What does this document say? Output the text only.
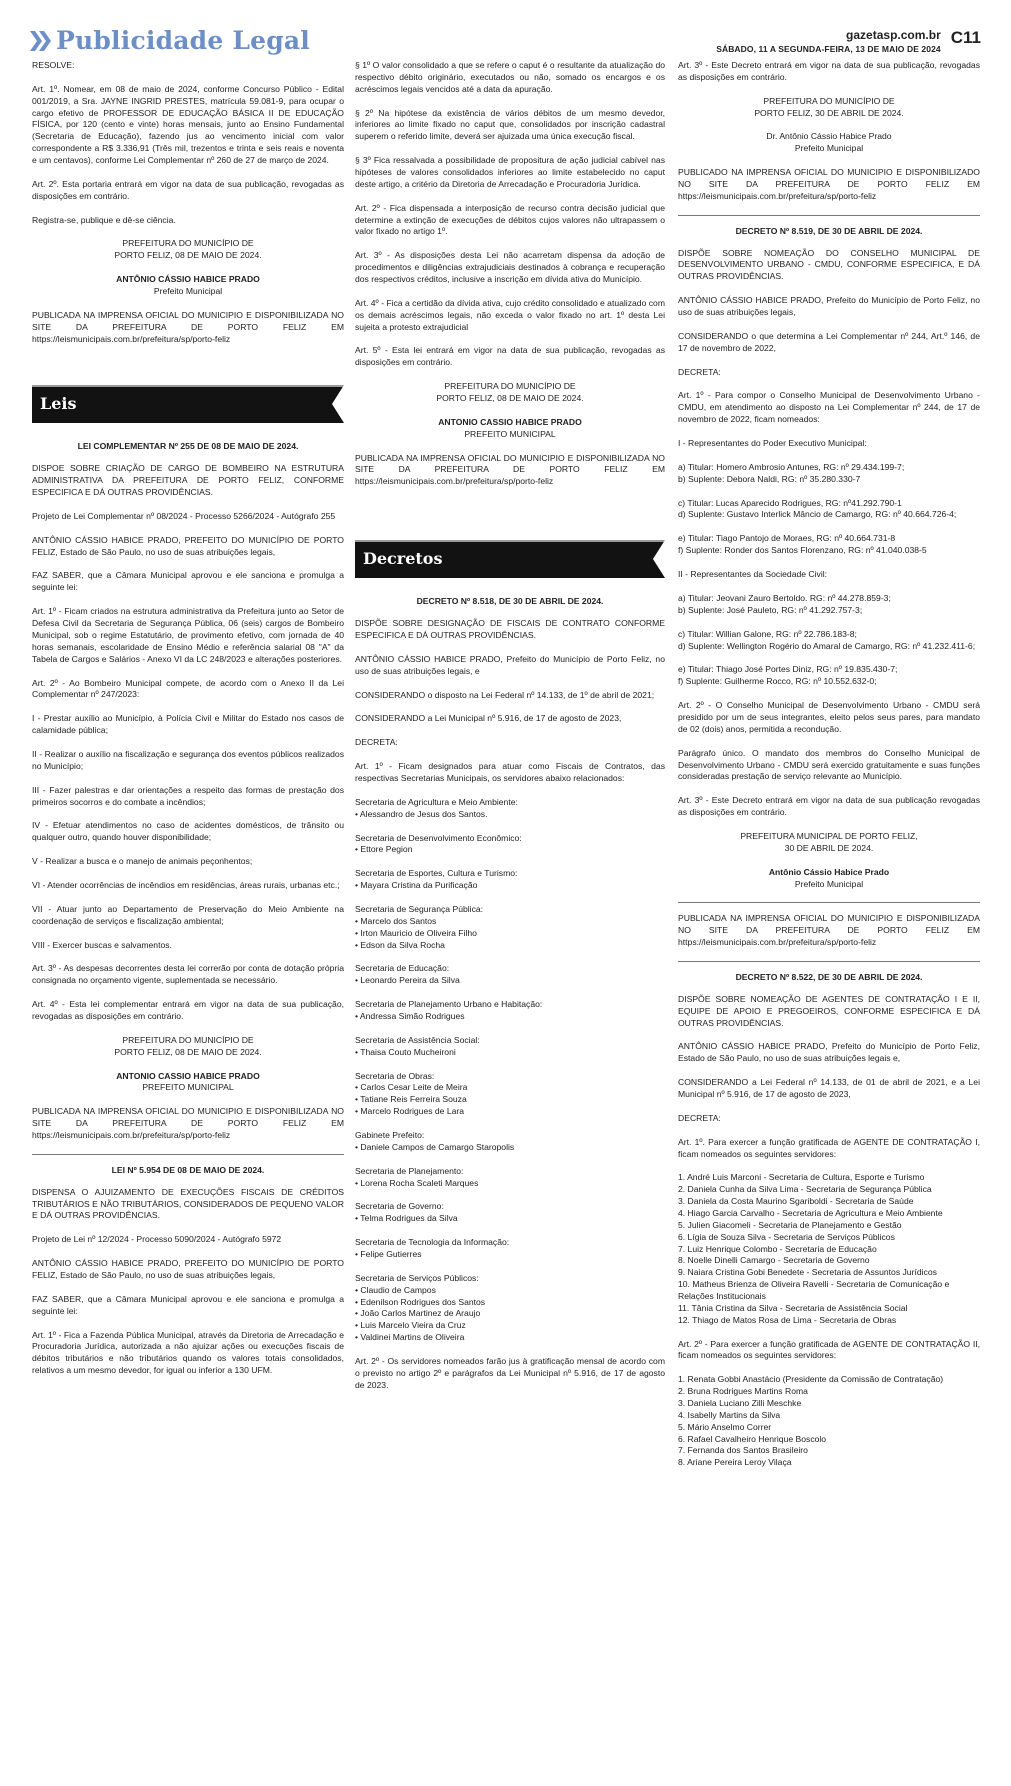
Publicidade Legal	gazetasp.com.br
SÁBADO, 11 A SEGUNDA-FEIRA, 13 DE MAIO DE 2024
C11
RESOLVE:
Art. 1º. Nomear, em 08 de maio de 2024, conforme Concurso Público - Edital 001/2019, a Sra. JAYNE INGRID PRESTES, matrícula 59.081-9, para ocupar o cargo efetivo de PROFESSOR DE EDUCAÇÃO BÁSICA II DE EDUCAÇÃO FÍSICA, por 120 (cento e vinte) horas mensais, junto ao Ensino Fundamental (Secretaria de Educação), fazendo jus ao vencimento inicial com valor correspondente a R$ 3.336,91 (Três mil, trezentos e trinta e seis reais e noventa e um centavos), conforme Lei Complementar nº 260 de 27 de março de 2024.
Art. 2º. Esta portaria entrará em vigor na data de sua publicação, revogadas as disposições em contrário.
Registra-se, publique e dê-se ciência.
PREFEITURA DO MUNICÍPIO DE
PORTO FELIZ, 08 DE MAIO DE 2024.
ANTÔNIO CÁSSIO HABICE PRADO
Prefeito Municipal
PUBLICADA NA IMPRENSA OFICIAL DO MUNICIPIO E DISPONIBILIZADA NO SITE DA PREFEITURA DE PORTO FELIZ EM https://leismunicipais.com.br/prefeitura/sp/porto-feliz
Leis
LEI COMPLEMENTAR Nº 255 DE 08 DE MAIO DE 2024.
DISPOE SOBRE CRIAÇÃO DE CARGO DE BOMBEIRO NA ESTRUTURA ADMINISTRATIVA DA PREFEITURA DE PORTO FELIZ, CONFORME ESPECIFICA E DÁ OUTRAS PROVIDÊNCIAS.
Projeto de Lei Complementar nº 08/2024 - Processo 5266/2024 - Autógrafo 255
ANTÔNIO CÁSSIO HABICE PRADO, PREFEITO DO MUNICÍPIO DE PORTO FELIZ, Estado de São Paulo, no uso de suas atribuições legais,
FAZ SABER, que a Câmara Municipal aprovou e ele sanciona e promulga a seguinte lei:
Art. 1º - Ficam criados na estrutura administrativa da Prefeitura junto ao Setor de Defesa Civil da Secretaria de Segurança Pública, 06 (seis) cargos de Bombeiro Municipal, sob o regime Estatutário, de provimento efetivo, com jornada de 40 horas semanais, escolaridade de Ensino Médio e referência salarial 08 "A" da Tabela de Cargos e Salários - Anexo VI da LC 248/2023 e alterações posteriores.
Art. 2º - Ao Bombeiro Municipal compete, de acordo com o Anexo II da Lei Complementar nº 247/2023:
I - Prestar auxílio ao Município, à Polícia Civil e Militar do Estado nos casos de calamidade pública;
II - Realizar o auxílio na fiscalização e segurança dos eventos públicos realizados no Município;
III - Fazer palestras e dar orientações a respeito das formas de prestação dos primeiros socorros e do combate a incêndios;
IV - Efetuar atendimentos no caso de acidentes domésticos, de trânsito ou qualquer outro, quando houver disponibilidade;
V - Realizar a busca e o manejo de animais peçonhentos;
VI - Atender ocorrências de incêndios em residências, áreas rurais, urbanas etc.;
VII - Atuar junto ao Departamento de Preservação do Meio Ambiente na coordenação de serviços e fiscalização ambiental;
VIII - Exercer buscas e salvamentos.
Art. 3º - As despesas decorrentes desta lei correrão por conta de dotação própria consignada no orçamento vigente, suplementada se necessário.
Art. 4º - Esta lei complementar entrará em vigor na data de sua publicação, revogadas as disposições em contrário.
PREFEITURA DO MUNICÍPIO DE
PORTO FELIZ, 08 DE MAIO DE 2024.
ANTONIO CASSIO HABICE PRADO
PREFEITO MUNICIPAL
PUBLICADA NA IMPRENSA OFICIAL DO MUNICIPIO E DISPONIBILIZADA NO SITE DA PREFEITURA DE PORTO FELIZ EM https://leismunicipais.com.br/prefeitura/sp/porto-feliz
LEI Nº 5.954 DE 08 DE MAIO DE 2024.
DISPENSA O AJUIZAMENTO DE EXECUÇÕES FISCAIS DE CRÉDITOS TRIBUTÁRIOS E NÃO TRIBUTÁRIOS, CONSIDERADOS DE PEQUENO VALOR E DÁ OUTRAS PROVIDÊNCIAS.
Projeto de Lei nº 12/2024 - Processo 5090/2024 - Autógrafo 5972
ANTÔNIO CÁSSIO HABICE PRADO, PREFEITO DO MUNICÍPIO DE PORTO FELIZ, Estado de São Paulo, no uso de suas atribuições legais,
FAZ SABER, que a Câmara Municipal aprovou e ele sanciona e promulga a seguinte lei:
Art. 1º - Fica a Fazenda Pública Municipal, através da Diretoria de Arrecadação e Procuradoria Jurídica, autorizada a não ajuizar ações ou execuções fiscais de débitos tributários e não tributários quando os valores totais consolidados, relativos a um mesmo devedor, for igual ou inferior a 130 UFM.
§ 1º O valor consolidado a que se refere o caput é o resultante da atualização do respectivo débito originário, executados ou não, somado os encargos e os acréscimos legais vencidos até a data da apuração.
§ 2º Na hipótese da existência de vários débitos de um mesmo devedor, inferiores ao limite fixado no caput que, consolidados por inscrição cadastral superem o referido limite, deverá ser ajuizada uma única execução fiscal.
§ 3º Fica ressalvada a possibilidade de propositura de ação judicial cabível nas hipóteses de valores consolidados inferiores ao limite estabelecido no caput deste artigo, a critério da Diretoria de Arrecadação e Procuradoria Jurídica.
Art. 2º - Fica dispensada a interposição de recurso contra decisão judicial que determine a extinção de execuções de débitos cujos valores não ultrapassem o valor fixado no artigo 1º.
Art. 3º - As disposições desta Lei não acarretam dispensa da adoção de procedimentos e diligências extrajudiciais destinados à cobrança e recuperação dos respectivos créditos, inclusive a inscrição em dívida ativa do Município.
Art. 4º - Fica a certidão da dívida ativa, cujo crédito consolidado e atualizado com os demais acréscimos legais, não exceda o valor fixado no art. 1º desta Lei sujeita a protesto extrajudicial
Art. 5º - Esta lei entrará em vigor na data de sua publicação, revogadas as disposições em contrário.
PREFEITURA DO MUNICÍPIO DE
PORTO FELIZ, 08 DE MAIO DE 2024.
ANTONIO CASSIO HABICE PRADO
PREFEITO MUNICIPAL
PUBLICADA NA IMPRENSA OFICIAL DO MUNICIPIO E DISPONIBILIZADA NO SITE DA PREFEITURA DE PORTO FELIZ EM https://leismunicipais.com.br/prefeitura/sp/porto-feliz
Decretos
DECRETO Nº 8.518, DE 30 DE ABRIL DE 2024.
DISPÕE SOBRE DESIGNAÇÃO DE FISCAIS DE CONTRATO CONFORME ESPECIFICA E DÁ OUTRAS PROVIDÊNCIAS.
ANTÔNIO CÁSSIO HABICE PRADO, Prefeito do Município de Porto Feliz, no uso de suas atribuições legais, e
CONSIDERANDO o disposto na Lei Federal nº 14.133, de 1º de abril de 2021;
CONSIDERANDO a Lei Municipal nº 5.916, de 17 de agosto de 2023,
DECRETA:
Art. 1º - Ficam designados para atuar como Fiscais de Contratos, das respectivas Secretarias Municipais, os servidores abaixo relacionados:
Secretaria de Agricultura e Meio Ambiente:
• Alessandro de Jesus dos Santos.
Secretaria de Desenvolvimento Econômico:
• Ettore Pegion
Secretaria de Esportes, Cultura e Turismo:
• Mayara Cristina da Purificação
Secretaria de Segurança Pública:
• Marcelo dos Santos
• Irton Mauricio de Oliveira Filho
• Edson da Silva Rocha
Secretaria de Educação:
• Leonardo Pereira da Silva
Secretaria de Planejamento Urbano e Habitação:
• Andressa Simão Rodrigues
Secretaria de Assistência Social:
• Thaisa Couto Mucheironi
Secretaria de Obras:
• Carlos Cesar Leite de Meira
• Tatiane Reis Ferreira Souza
• Marcelo Rodrigues de Lara
Gabinete Prefeito:
• Daniele Campos de Camargo Staropolis
Secretaria de Planejamento:
• Lorena Rocha Scaleti Marques
Secretaria de Governo:
• Telma Rodrigues da Silva
Secretaria de Tecnologia da Informação:
• Felipe Gutierres
Secretaria de Serviços Públicos:
• Claudio de Campos
• Edenilson Rodrigues dos Santos
• João Carlos Martinez de Araujo
• Luis Marcelo Vieira da Cruz
• Valdinei Martins de Oliveira
Art. 2º - Os servidores nomeados farão jus à gratificação mensal de acordo com o previsto no artigo 2º e parágrafos da Lei Municipal nº 5.916, de 17 de agosto de 2023.
Art. 3º - Este Decreto entrará em vigor na data de sua publicação, revogadas as disposições em contrário.
PREFEITURA DO MUNICÍPIO DE
PORTO FELIZ, 30 DE ABRIL DE 2024.
Dr. Antônio Cássio Habice Prado
Prefeito Municipal
PUBLICADO NA IMPRENSA OFICIAL DO MUNICIPIO E DISPONIBILIZADO NO SITE DA PREFEITURA DE PORTO FELIZ EM https://leismunicipais.com.br/prefeitura/sp/porto-feliz
DECRETO Nº 8.519, DE 30 DE ABRIL DE 2024.
DISPÕE SOBRE NOMEAÇÃO DO CONSELHO MUNICIPAL DE DESENVOLVIMENTO URBANO - CMDU, CONFORME ESPECIFICA, E DÁ OUTRAS PROVIDÊNCIAS.
ANTÔNIO CÁSSIO HABICE PRADO, Prefeito do Município de Porto Feliz, no uso de suas atribuições legais,
CONSIDERANDO o que determina a Lei Complementar nº 244, Art.º 146, de 17 de novembro de 2022,
DECRETA:
Art. 1º - Para compor o Conselho Municipal de Desenvolvimento Urbano - CMDU, em atendimento ao disposto na Lei Complementar nº 244, de 17 de novembro de 2022, ficam nomeados:
I - Representantes do Poder Executivo Municipal:
a) Titular: Homero Ambrosio Antunes, RG: nº 29.434.199-7;
b) Suplente: Debora Naldi, RG: nº 35.280.330-7
c) Titular: Lucas Aparecido Rodrigues, RG: nº41.292.790-1
d) Suplente: Gustavo Interlick Mâncio de Camargo, RG: nº 40.664.726-4;
e) Titular: Tiago Pantojo de Moraes, RG: nº 40.664.731-8
f) Suplente: Ronder dos Santos Florenzano, RG: nº 41.040.038-5
II - Representantes da Sociedade Civil:
a) Titular: Jeovani Zauro Bertoldo. RG: nº 44.278.859-3;
b) Suplente: José Pauleto, RG: nº 41.292.757-3;
c) Titular: Willian Galone, RG: nº 22.786.183-8;
d) Suplente: Wellington Rogério do Amaral de Camargo, RG: nº 41.232.411-6;
e) Titular: Thiago José Portes Diniz, RG: nº 19.835.430-7;
f) Suplente: Guilherme Rocco, RG: nº 10.552.632-0;
Art. 2º - O Conselho Municipal de Desenvolvimento Urbano - CMDU será presidido por um de seus integrantes, eleito pelos seus pares, para mandato de 02 (dois) anos, permitida a recondução.
Parágrafo único. O mandato dos membros do Conselho Municipal de Desenvolvimento Urbano - CMDU será exercido gratuitamente e suas funções consideradas prestação de serviço relevante ao Município.
Art. 3º - Este Decreto entrará em vigor na data de sua publicação revogadas as disposições em contrário.
PREFEITURA MUNICIPAL DE PORTO FELIZ,
30 DE ABRIL DE 2024.
Antônio Cássio Habice Prado
Prefeito Municipal
PUBLICADA NA IMPRENSA OFICIAL DO MUNICIPIO E DISPONIBILIZADA NO SITE DA PREFEITURA DE PORTO FELIZ EM https://leismunicipais.com.br/prefeitura/sp/porto-feliz
DECRETO Nº 8.522, DE 30 DE ABRIL DE 2024.
DISPÕE SOBRE NOMEAÇÃO DE AGENTES DE CONTRATAÇÃO I E II, EQUIPE DE APOIO E PREGOEIROS, CONFORME ESPECIFICA E DÁ OUTRAS PROVIDÊNCIAS.
ANTÔNIO CÁSSIO HABICE PRADO, Prefeito do Município de Porto Feliz, Estado de São Paulo, no uso de suas atribuições legais e,
CONSIDERANDO a Lei Federal nº 14.133, de 01 de abril de 2021, e a Lei Municipal nº 5.916, de 17 de agosto de 2023,
DECRETA:
Art. 1º. Para exercer a função gratificada de AGENTE DE CONTRATAÇÃO I, ficam nomeados os seguintes servidores:
1. André Luis Marconi - Secretaria de Cultura, Esporte e Turismo
2. Daniela Cunha da Silva Lima - Secretaria de Segurança Pública
3. Daniela da Costa Maurino Sgariboldi - Secretaria de Saúde
4. Hiago Garcia Carvalho - Secretaria de Agricultura e Meio Ambiente
5. Julien Giacomeli - Secretaria de Planejamento e Gestão
6. Lígia de Souza Silva - Secretaria de Serviços Públicos
7. Luiz Henrique Colombo - Secretaria de Educação
8. Noelle Dinelli Camargo - Secretaria de Governo
9. Naiara Cristina Gobi Benedete - Secretaria de Assuntos Jurídicos
10. Matheus Brienza de Oliveira Ravelli - Secretaria de Comunicação e Relações Institucionais
11. Tânia Cristina da Silva - Secretaria de Assistência Social
12. Thiago de Matos Rosa de Lima - Secretaria de Obras
Art. 2º - Para exercer a função gratificada de AGENTE DE CONTRATAÇÃO II, ficam nomeados os seguintes servidores:
1. Renata Gobbi Anastácio (Presidente da Comissão de Contratação)
2. Bruna Rodrigues Martins Roma
3. Daniela Luciano Zilli Meschke
4. Isabelly Martins da Silva
5. Mário Anselmo Correr
6. Rafael Cavalheiro Henrique Boscolo
7. Fernanda dos Santos Brasileiro
8. Ariane Pereira Leroy Vilaça
